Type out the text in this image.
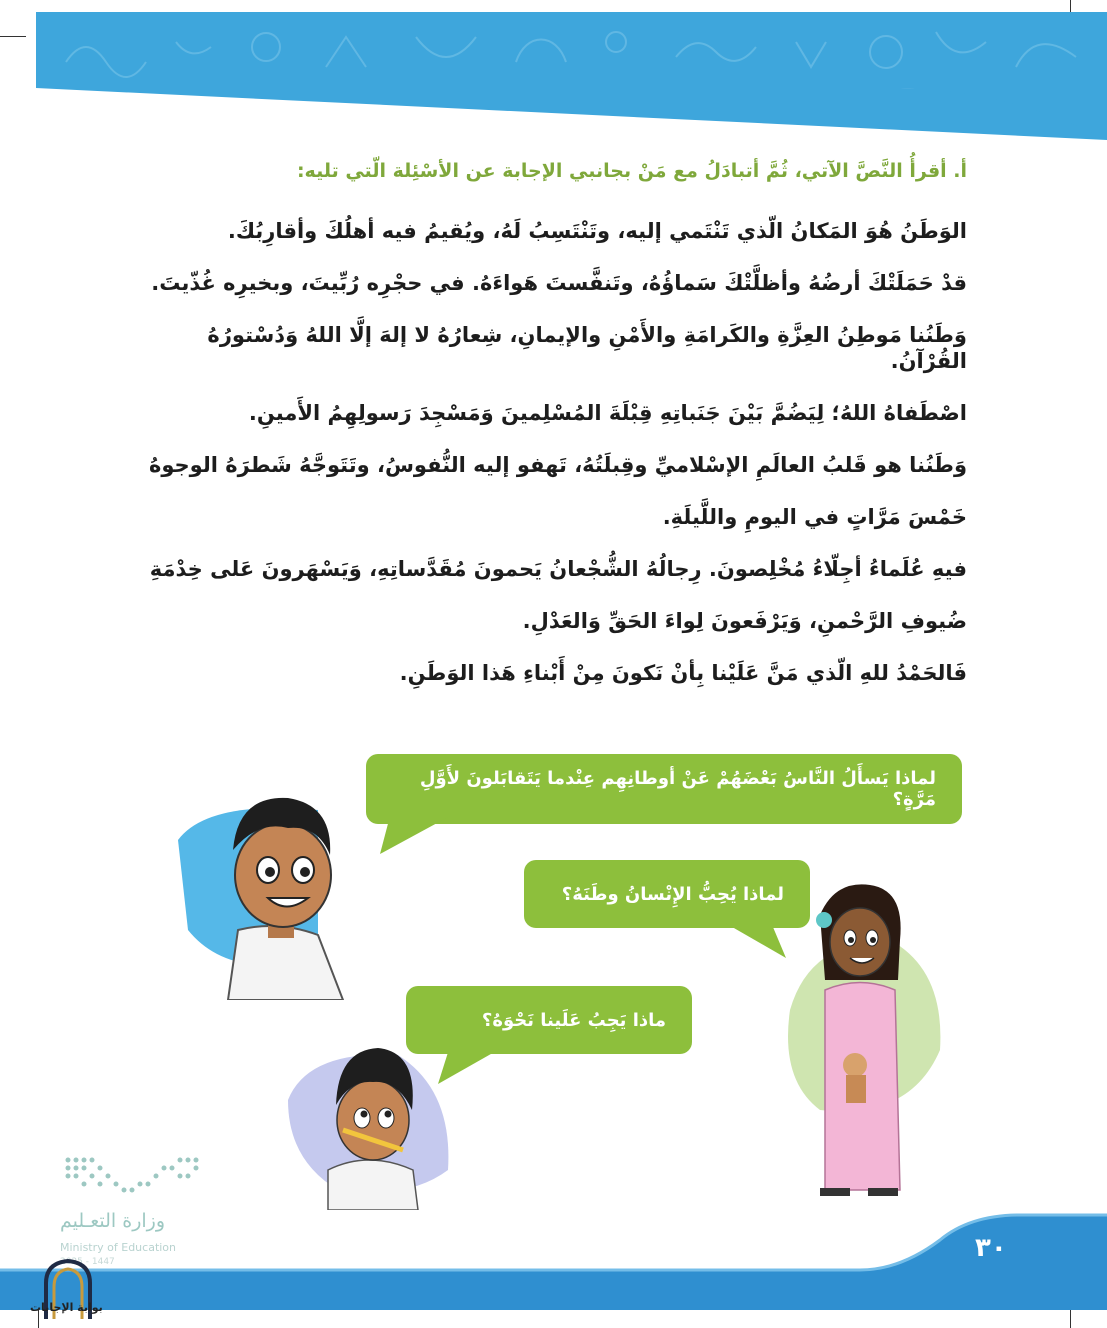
أ. أقرأُ النَّصَّ الآتي، ثُمَّ أتبادَلُ مع مَنْ بجانبي الإجابة عن الأسْئِلة الّتي تليه:

الوَطَنُ هُوَ المَكانُ الّذي تَنْتَمي إليه، وتَنْتَسِبُ لَهُ، ويُقيمُ فيه أهلُكَ وأقارِبُكَ.

قدْ حَمَلَتْكَ أرضُهُ وأظلَّتْكَ سَماؤُهُ، وتَنفَّستَ هَواءَهُ. في حجْرِه رُبِّيتَ، وبخيرِه غُذّيتَ.

وَطَنُنا مَوطِنُ العِزَّةِ والكَرامَةِ والأَمْنِ والإيمانِ، شِعارُهُ لا إلهَ إلَّا اللهُ وَدُسْتورُهُ القُرْآنُ.

اصْطَفاهُ اللهُ؛ لِيَضُمَّ بَيْنَ جَنَباتِهِ قِبْلَةَ المُسْلِمينَ وَمَسْجِدَ رَسولِهِمُ الأَمينِ.

وَطَنُنا هو قَلبُ العالَمِ الإسْلاميِّ وقِبلَتُهُ، تَهفو إليه النُّفوسُ، وتَتَوجَّهُ شَطرَهُ الوجوهُ

خَمْسَ مَرَّاتٍ في اليومِ واللَّيلَةِ.

فيهِ عُلَماءُ أجِلّاءُ مُخْلِصونَ. رِجالُهُ الشُّجْعانُ يَحمونَ مُقَدَّساتِهِ، وَيَسْهَرونَ عَلى خِدْمَةِ

ضُيوفِ الرَّحْمنِ، وَيَرْفَعونَ لِواءَ الحَقِّ وَالعَدْلِ.

فَالحَمْدُ للهِ الّذي مَنَّ عَلَيْنا بِأنْ نَكونَ مِنْ أَبْناءِ هَذا الوَطَنِ.

لماذا يَسأَلُ النَّاسُ بَعْضَهُمْ عَنْ أوطانِهِم عِنْدما يَتَقابَلونَ لأَوَّلِ مَرَّةٍ؟
لماذا يُحِبُّ الإِنْسانُ وطَنَهُ؟
ماذا يَجِبُ عَلَينا نَحْوَهُ؟
٣٠
وزارة التعـليم
Ministry of Education
2025 - 1447
بوابة الإجابات
